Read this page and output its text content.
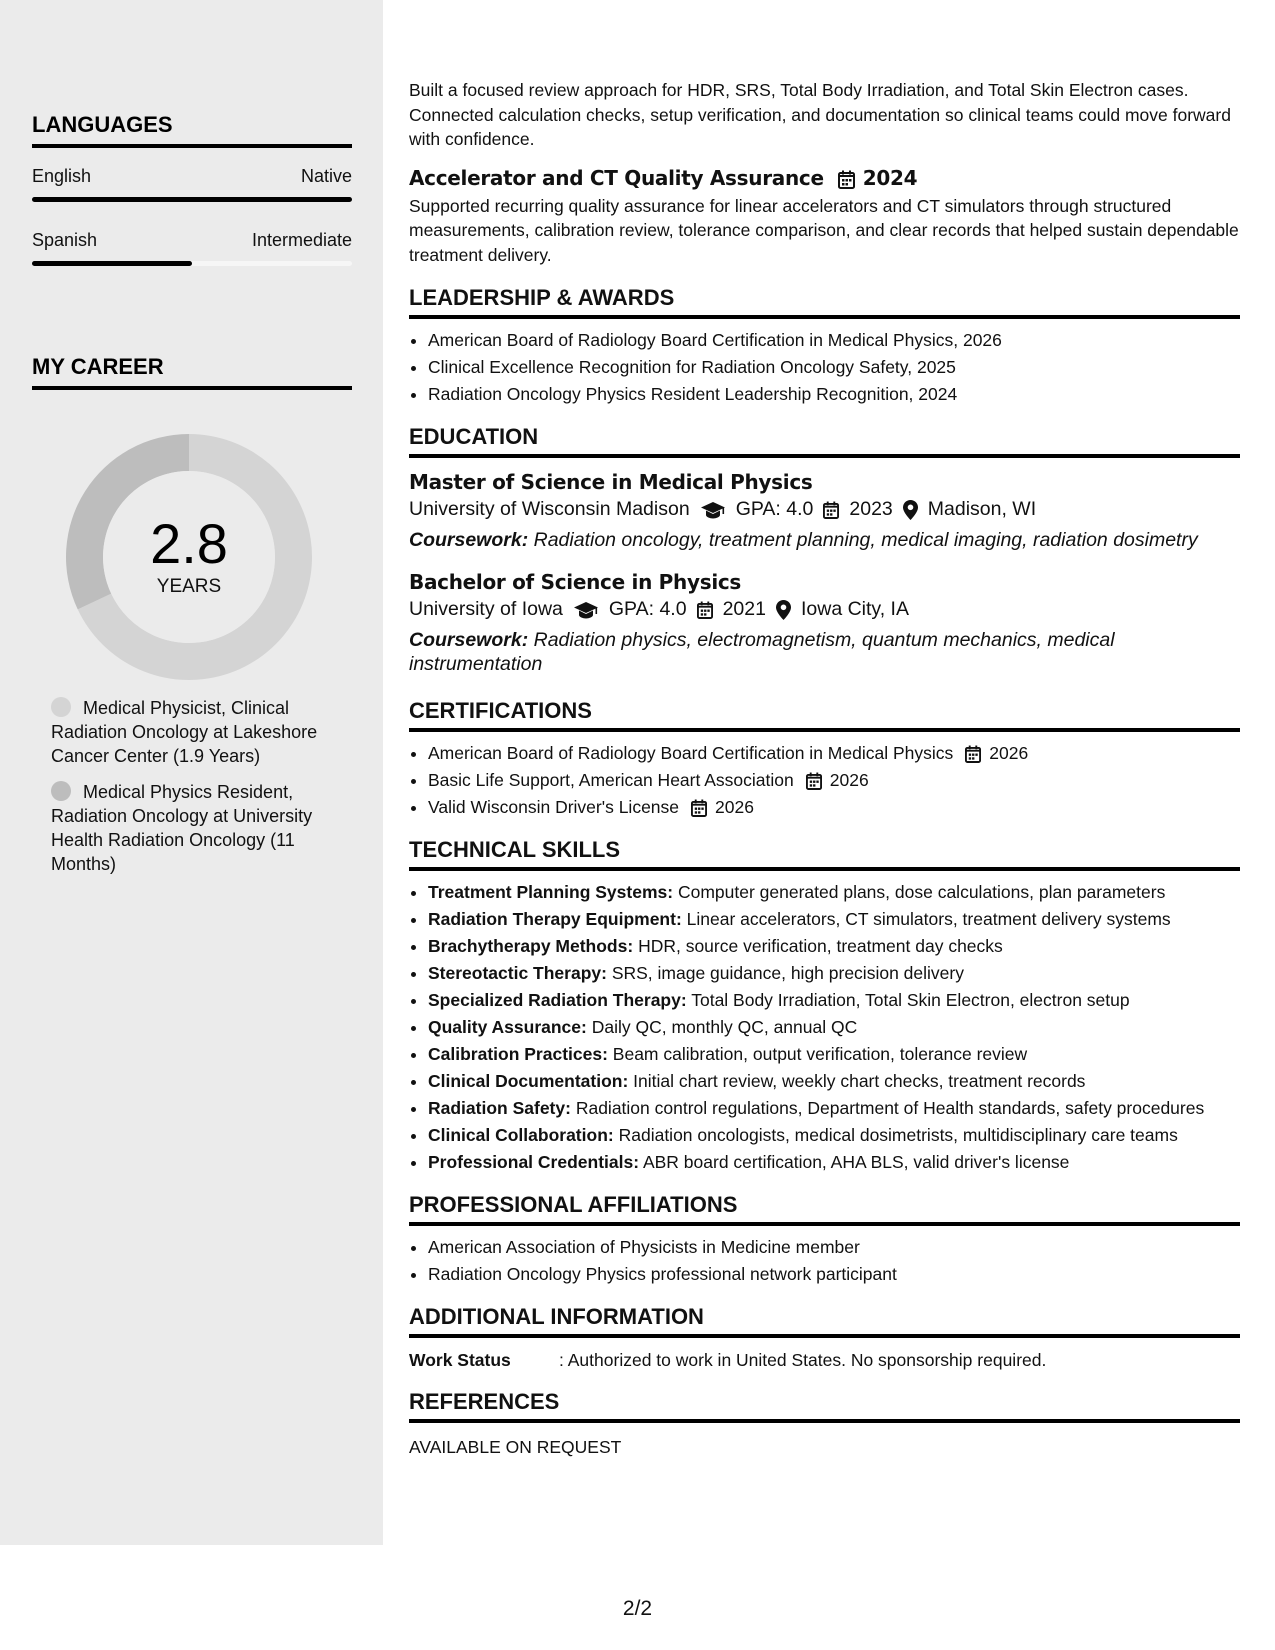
LANGUAGES
English	Native
Spanish	Intermediate
MY CAREER
2.8
YEARS
Medical Physicist, Clinical Radiation Oncology at Lakeshore Cancer Center (1.9 Years)
Medical Physics Resident, Radiation Oncology at University Health Radiation Oncology (11 Months)

Built a focused review approach for HDR, SRS, Total Body Irradiation, and Total Skin Electron cases. Connected calculation checks, setup verification, and documentation so clinical teams could move forward with confidence.

Accelerator and CT Quality Assurance 2024

Supported recurring quality assurance for linear accelerators and CT simulators through structured measurements, calibration review, tolerance comparison, and clear records that helped sustain dependable treatment delivery.

LEADERSHIP & AWARDS
• American Board of Radiology Board Certification in Medical Physics, 2026
• Clinical Excellence Recognition for Radiation Oncology Safety, 2025
• Radiation Oncology Physics Resident Leadership Recognition, 2024
EDUCATION
Master of Science in Medical Physics
University of Wisconsin Madison GPA: 4.0 2023 Madison, WI
Coursework: Radiation oncology, treatment planning, medical imaging, radiation dosimetry
Bachelor of Science in Physics
University of Iowa GPA: 4.0 2021 Iowa City, IA
Coursework: Radiation physics, electromagnetism, quantum mechanics, medical instrumentation
CERTIFICATIONS
• American Board of Radiology Board Certification in Medical Physics 2026
• Basic Life Support, American Heart Association 2026
• Valid Wisconsin Driver's License 2026
TECHNICAL SKILLS
• Treatment Planning Systems: Computer generated plans, dose calculations, plan parameters
• Radiation Therapy Equipment: Linear accelerators, CT simulators, treatment delivery systems
• Brachytherapy Methods: HDR, source verification, treatment day checks
• Stereotactic Therapy: SRS, image guidance, high precision delivery
• Specialized Radiation Therapy: Total Body Irradiation, Total Skin Electron, electron setup
• Quality Assurance: Daily QC, monthly QC, annual QC
• Calibration Practices: Beam calibration, output verification, tolerance review
• Clinical Documentation: Initial chart review, weekly chart checks, treatment records
• Radiation Safety: Radiation control regulations, Department of Health standards, safety procedures
• Clinical Collaboration: Radiation oncologists, medical dosimetrists, multidisciplinary care teams
• Professional Credentials: ABR board certification, AHA BLS, valid driver's license
PROFESSIONAL AFFILIATIONS
• American Association of Physicists in Medicine member
• Radiation Oncology Physics professional network participant
ADDITIONAL INFORMATION
Work Status	: Authorized to work in United States. No sponsorship required.
REFERENCES
AVAILABLE ON REQUEST
2/2
